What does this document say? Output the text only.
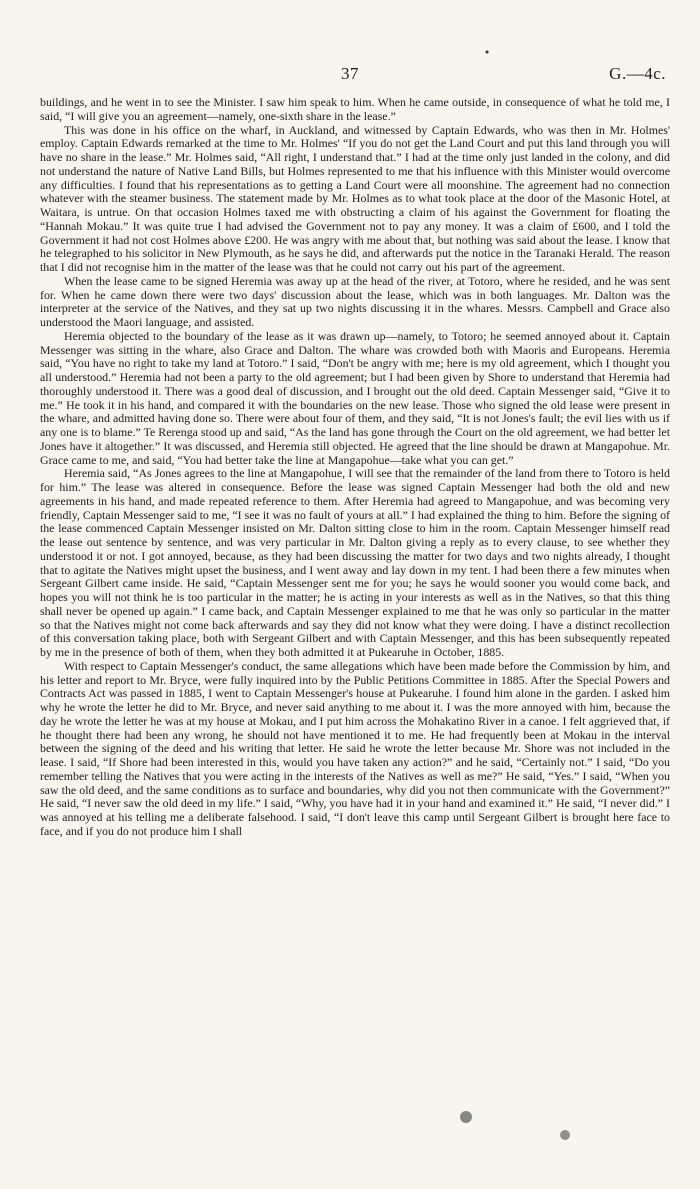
37	G.—4c.

buildings, and he went in to see the Minister. I saw him speak to him. When he came outside, in consequence of what he told me, I said, “I will give you an agreement—namely, one-sixth share in the lease.”

This was done in his office on the wharf, in Auckland, and witnessed by Captain Edwards, who was then in Mr. Holmes' employ. Captain Edwards remarked at the time to Mr. Holmes' “If you do not get the Land Court and put this land through you will have no share in the lease.” Mr. Holmes said, “All right, I understand that.” I had at the time only just landed in the colony, and did not understand the nature of Native Land Bills, but Holmes represented to me that his influence with this Minister would overcome any difficulties. I found that his representations as to getting a Land Court were all moonshine. The agreement had no connection whatever with the steamer business. The statement made by Mr. Holmes as to what took place at the door of the Masonic Hotel, at Waitara, is untrue. On that occasion Holmes taxed me with obstructing a claim of his against the Government for floating the “Hannah Mokau.” It was quite true I had advised the Government not to pay any money. It was a claim of £600, and I told the Government it had not cost Holmes above £200. He was angry with me about that, but nothing was said about the lease. I know that he telegraphed to his solicitor in New Plymouth, as he says he did, and afterwards put the notice in the Taranaki Herald. The reason that I did not recognise him in the matter of the lease was that he could not carry out his part of the agreement.

When the lease came to be signed Heremia was away up at the head of the river, at Totoro, where he resided, and he was sent for. When he came down there were two days' discussion about the lease, which was in both languages. Mr. Dalton was the interpreter at the service of the Natives, and they sat up two nights discussing it in the whares. Messrs. Campbell and Grace also understood the Maori language, and assisted.

Heremia objected to the boundary of the lease as it was drawn up—namely, to Totoro; he seemed annoyed about it. Captain Messenger was sitting in the whare, also Grace and Dalton. The whare was crowded both with Maoris and Europeans. Heremia said, “You have no right to take my land at Totoro.” I said, “Don't be angry with me; here is my old agreement, which I thought you all understood.” Heremia had not been a party to the old agreement; but I had been given by Shore to understand that Heremia had thoroughly understood it. There was a good deal of discussion, and I brought out the old deed. Captain Messenger said, “Give it to me.” He took it in his hand, and compared it with the boundaries on the new lease. Those who signed the old lease were present in the whare, and admitted having done so. There were about four of them, and they said, “It is not Jones's fault; the evil lies with us if any one is to blame.” Te Rerenga stood up and said, “As the land has gone through the Court on the old agreement, we had better let Jones have it altogether.” It was discussed, and Heremia still objected. He agreed that the line should be drawn at Mangapohue. Mr. Grace came to me, and said, “You had better take the line at Mangapohue—take what you can get.”

Heremia said, “As Jones agrees to the line at Mangapohue, I will see that the remainder of the land from there to Totoro is held for him.” The lease was altered in consequence. Before the lease was signed Captain Messenger had both the old and new agreements in his hand, and made repeated reference to them. After Heremia had agreed to Mangapohue, and was becoming very friendly, Captain Messenger said to me, “I see it was no fault of yours at all.” I had explained the thing to him. Before the signing of the lease commenced Captain Messenger insisted on Mr. Dalton sitting close to him in the room. Captain Messenger himself read the lease out sentence by sentence, and was very particular in Mr. Dalton giving a reply as to every clause, to see whether they understood it or not. I got annoyed, because, as they had been discussing the matter for two days and two nights already, I thought that to agitate the Natives might upset the business, and I went away and lay down in my tent. I had been there a few minutes when Sergeant Gilbert came inside. He said, “Captain Messenger sent me for you; he says he would sooner you would come back, and hopes you will not think he is too particular in the matter; he is acting in your interests as well as in the Natives, so that this thing shall never be opened up again.” I came back, and Captain Messenger explained to me that he was only so particular in the matter so that the Natives might not come back afterwards and say they did not know what they were doing. I have a distinct recollection of this conversation taking place, both with Sergeant Gilbert and with Captain Messenger, and this has been subsequently repeated by me in the presence of both of them, when they both admitted it at Pukearuhe in October, 1885.

With respect to Captain Messenger's conduct, the same allegations which have been made before the Commission by him, and his letter and report to Mr. Bryce, were fully inquired into by the Public Petitions Committee in 1885. After the Special Powers and Contracts Act was passed in 1885, I went to Captain Messenger's house at Pukearuhe. I found him alone in the garden. I asked him why he wrote the letter he did to Mr. Bryce, and never said anything to me about it. I was the more annoyed with him, because the day he wrote the letter he was at my house at Mokau, and I put him across the Mohakatino River in a canoe. I felt aggrieved that, if he thought there had been any wrong, he should not have mentioned it to me. He had frequently been at Mokau in the interval between the signing of the deed and his writing that letter. He said he wrote the letter because Mr. Shore was not included in the lease. I said, “If Shore had been interested in this, would you have taken any action?” and he said, “Certainly not.” I said, “Do you remember telling the Natives that you were acting in the interests of the Natives as well as me?” He said, “Yes.” I said, “When you saw the old deed, and the same conditions as to surface and boundaries, why did you not then communicate with the Government?” He said, “I never saw the old deed in my life.” I said, “Why, you have had it in your hand and examined it.” He said, “I never did.” I was annoyed at his telling me a deliberate falsehood. I said, “I don't leave this camp until Sergeant Gilbert is brought here face to face, and if you do not produce him I shall
